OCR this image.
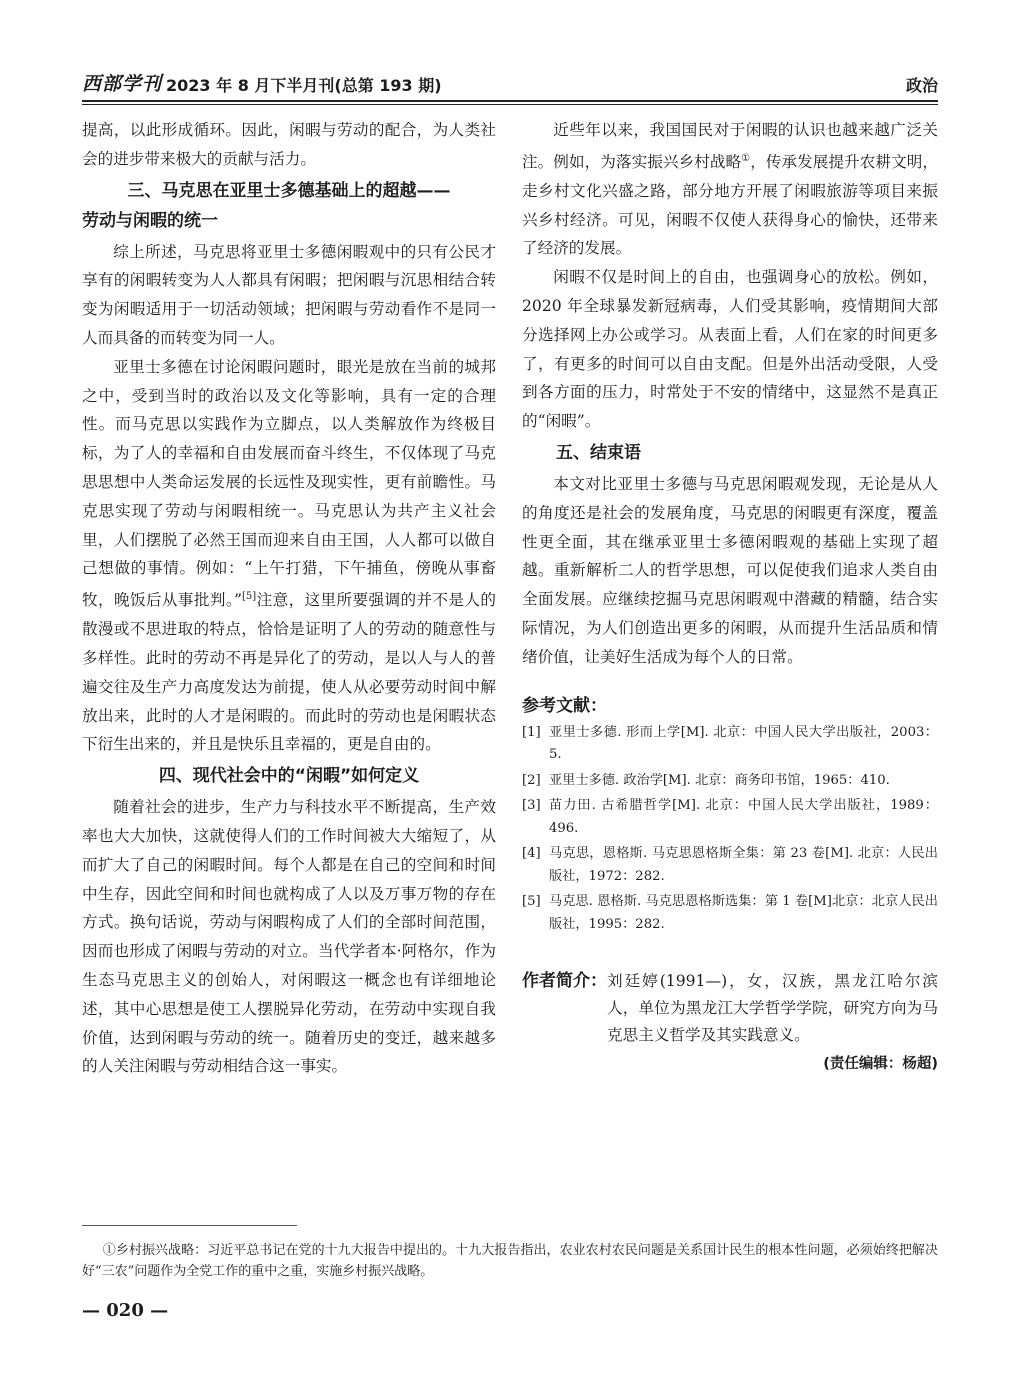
西部学刊 2023 年 8 月下半月刊(总第 193 期)	政治

提高，以此形成循环。因此，闲暇与劳动的配合，为人类社会的进步带来极大的贡献与活力。

三、马克思在亚里士多德基础上的超越——
劳动与闲暇的统一

综上所述，马克思将亚里士多德闲暇观中的只有公民才享有的闲暇转变为人人都具有闲暇；把闲暇与沉思相结合转变为闲暇适用于一切活动领域；把闲暇与劳动看作不是同一人而具备的而转变为同一人。

亚里士多德在讨论闲暇问题时，眼光是放在当前的城邦之中，受到当时的政治以及文化等影响，具有一定的合理性。而马克思以实践作为立脚点，以人类解放作为终极目标，为了人的幸福和自由发展而奋斗终生，不仅体现了马克思思想中人类命运发展的长远性及现实性，更有前瞻性。马克思实现了劳动与闲暇相统一。马克思认为共产主义社会里，人们摆脱了必然王国而迎来自由王国，人人都可以做自己想做的事情。例如：“上午打猎，下午捕鱼，傍晚从事畜牧，晚饭后从事批判。”[5]注意，这里所要强调的并不是人的散漫或不思进取的特点，恰恰是证明了人的劳动的随意性与多样性。此时的劳动不再是异化了的劳动，是以人与人的普遍交往及生产力高度发达为前提，使人从必要劳动时间中解放出来，此时的人才是闲暇的。而此时的劳动也是闲暇状态下衍生出来的，并且是快乐且幸福的，更是自由的。

四、现代社会中的“闲暇”如何定义

随着社会的进步，生产力与科技水平不断提高，生产效率也大大加快，这就使得人们的工作时间被大大缩短了，从而扩大了自己的闲暇时间。每个人都是在自己的空间和时间中生存，因此空间和时间也就构成了人以及万事万物的存在方式。换句话说，劳动与闲暇构成了人们的全部时间范围，因而也形成了闲暇与劳动的对立。当代学者本·阿格尔，作为生态马克思主义的创始人，对闲暇这一概念也有详细地论述，其中心思想是使工人摆脱异化劳动，在劳动中实现自我价值，达到闲暇与劳动的统一。随着历史的变迁，越来越多的人关注闲暇与劳动相结合这一事实。

近些年以来，我国国民对于闲暇的认识也越来越广泛关注。例如，为落实振兴乡村战略①，传承发展提升农耕文明，走乡村文化兴盛之路，部分地方开展了闲暇旅游等项目来振兴乡村经济。可见，闲暇不仅使人获得身心的愉快，还带来了经济的发展。

闲暇不仅是时间上的自由，也强调身心的放松。例如，2020 年全球暴发新冠病毒，人们受其影响，疫情期间大部分选择网上办公或学习。从表面上看，人们在家的时间更多了，有更多的时间可以自由支配。但是外出活动受限，人受到各方面的压力，时常处于不安的情绪中，这显然不是真正的“闲暇”。

五、结束语

本文对比亚里士多德与马克思闲暇观发现，无论是从人的角度还是社会的发展角度，马克思的闲暇更有深度，覆盖性更全面，其在继承亚里士多德闲暇观的基础上实现了超越。重新解析二人的哲学思想，可以促使我们追求人类自由全面发展。应继续挖掘马克思闲暇观中潜藏的精髓，结合实际情况，为人们创造出更多的闲暇，从而提升生活品质和情绪价值，让美好生活成为每个人的日常。

参考文献：
[1] 亚里士多德. 形而上学[M]. 北京：中国人民大学出版社，2003：5.
[2] 亚里士多德. 政治学[M]. 北京：商务印书馆，1965：410.
[3] 苗力田. 古希腊哲学[M]. 北京：中国人民大学出版社，1989：496.
[4] 马克思，恩格斯. 马克思恩格斯全集：第 23 卷[M]. 北京：人民出版社，1972：282.
[5] 马克思. 恩格斯. 马克思恩格斯选集：第 1 卷[M]北京：北京人民出版社，1995：282.
作者简介： 刘廷婷(1991—)，女，汉族，黑龙江哈尔滨人，单位为黑龙江大学哲学学院，研究方向为马克思主义哲学及其实践意义。
(责任编辑：杨超)
①乡村振兴战略：习近平总书记在党的十九大报告中提出的。十九大报告指出，农业农村农民问题是关系国计民生的根本性问题，必须始终把解决好“三农”问题作为全党工作的重中之重，实施乡村振兴战略。
— 020 —
